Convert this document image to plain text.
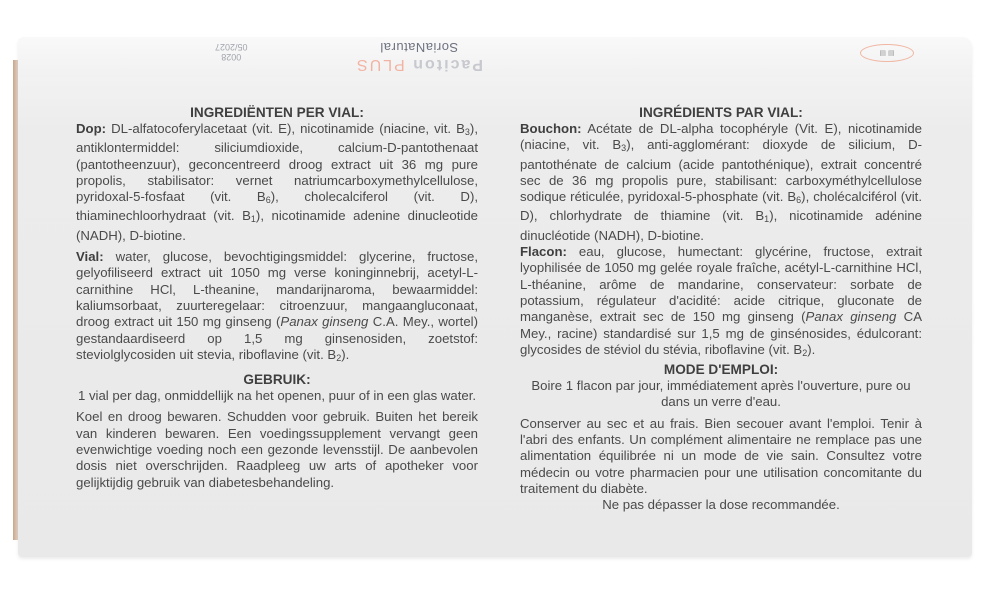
0028
05/2027
Paciton PLUS
SoriaNatural	▤ ▤
INGREDIËNTEN PER VIAL:

Dop: DL-alfatocoferylacetaat (vit. E), nicotinamide (niacine, vit. $B_3$), antiklontermiddel: siliciumdioxide, calcium-D-pantothenaat (pantotheenzuur), geconcentreerd droog extract uit 36 mg pure propolis, stabilisator: vernet natriumcarboxymethylcellulose, pyridoxal-5-fosfaat (vit. $B_6$), cholecalciferol (vit. D), thiaminechloorhydraat (vit. $B_1$), nicotinamide adenine dinucleotide (NADH), D-biotine.

Vial: water, glucose, bevochtigingsmiddel: glycerine, fructose, gelyofiliseerd extract uit 1050 mg verse koninginnebrij, acetyl-L-carnithine HCl, L-theanine, mandarijnaroma, bewaarmiddel: kaliumsorbaat, zuurteregelaar: citroenzuur, mangaangluconaat, droog extract uit 150 mg ginseng (Panax ginseng C.A. Mey., wortel) gestandaardiseerd op 1,5 mg ginsenosiden, zoetstof: steviolglycosiden uit stevia, riboflavine (vit. $B_2$).

GEBRUIK:

1 vial per dag, onmiddellijk na het openen, puur of in een glas water.

Koel en droog bewaren. Schudden voor gebruik. Buiten het bereik van kinderen bewaren. Een voedingssupplement vervangt geen evenwichtige voeding noch een gezonde levensstijl. De aanbevolen dosis niet overschrijden. Raadpleeg uw arts of apotheker voor gelijktijdig gebruik van diabetesbehandeling.

INGRÉDIENTS PAR VIAL:

Bouchon: Acétate de DL-alpha tocophéryle (Vit. E), nicotinamide (niacine, vit. $B_3$), anti-agglomérant: dioxyde de silicium, D-pantothénate de calcium (acide pantothénique), extrait concentré sec de 36 mg propolis pure, stabilisant: carboxyméthylcellulose sodique réticulée, pyridoxal-5-phosphate (vit. $B_6$), cholécalciférol (vit. D), chlorhydrate de thiamine (vit. $B_1$), nicotinamide adénine dinucléotide (NADH), D-biotine.

Flacon: eau, glucose, humectant: glycérine, fructose, extrait lyophilisée de 1050 mg gelée royale fraîche, acétyl-L-carnithine HCl, L-théanine, arôme de mandarine, conservateur: sorbate de potassium, régulateur d'acidité: acide citrique, gluconate de manganèse, extrait sec de 150 mg ginseng (Panax ginseng CA Mey., racine) standardisé sur 1,5 mg de ginsénosides, édulcorant: glycosides de stéviol du stévia, riboflavine (vit. $B_2$).

MODE D'EMPLOI:

Boire 1 flacon par jour, immédiatement après l'ouverture, pure ou dans un verre d'eau.

Conserver au sec et au frais. Bien secouer avant l'emploi. Tenir à l'abri des enfants. Un complément alimentaire ne remplace pas une alimentation équilibrée ni un mode de vie sain. Consultez votre médecin ou votre pharmacien pour une utilisation concomitante du traitement du diabète.

Ne pas dépasser la dose recommandée.
